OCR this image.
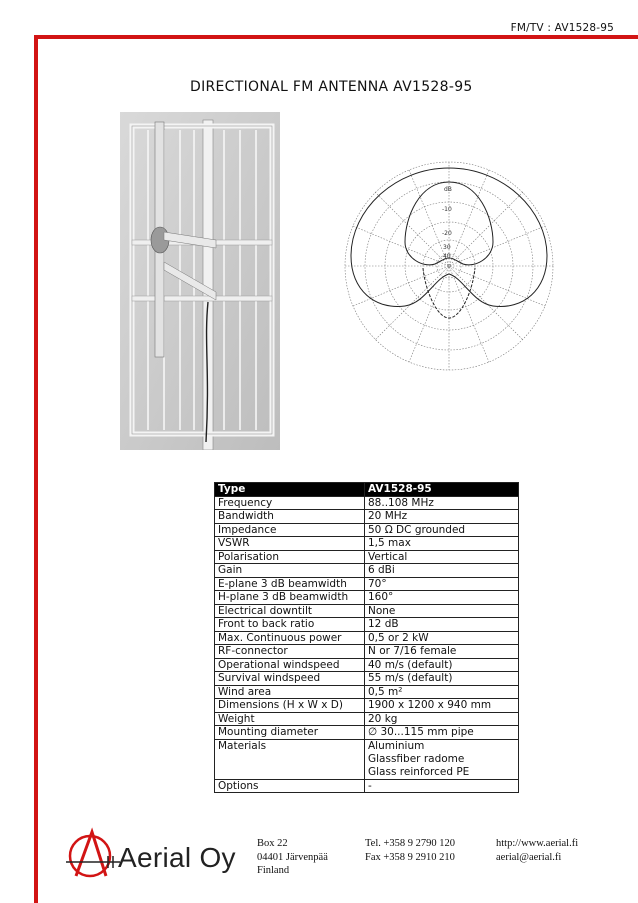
FM/TV : AV1528-95
DIRECTIONAL FM ANTENNA AV1528-95
dB
-10
-20
30
40
Type	AV1528-95
Frequency	88..108 MHz
Bandwidth	20 MHz
Impedance	50 Ω DC grounded
VSWR	1,5 max
Polarisation	Vertical
Gain	6 dBi
E-plane 3 dB beamwidth	70°
H-plane 3 dB beamwidth	160°
Electrical downtilt	None
Front to back ratio	12 dB
Max. Continuous power	0,5 or 2 kW
RF-connector	N or 7/16 female
Operational windspeed	40 m/s (default)
Survival windspeed	55 m/s (default)
Wind area	0,5 m²
Dimensions (H x W x D)	1900 x 1200 x 940 mm
Weight	20 kg
Mounting diameter	∅ 30...115 mm pipe
Materials	Aluminium
Glassfiber radome
Glass reinforced PE

Options	-
Aerial Oy Box 22
04401 Järvenpää
Finland
Tel. +358 9 2790 120
Fax +358 9 2910 210
http://www.aerial.fi
aerial@aerial.fi
